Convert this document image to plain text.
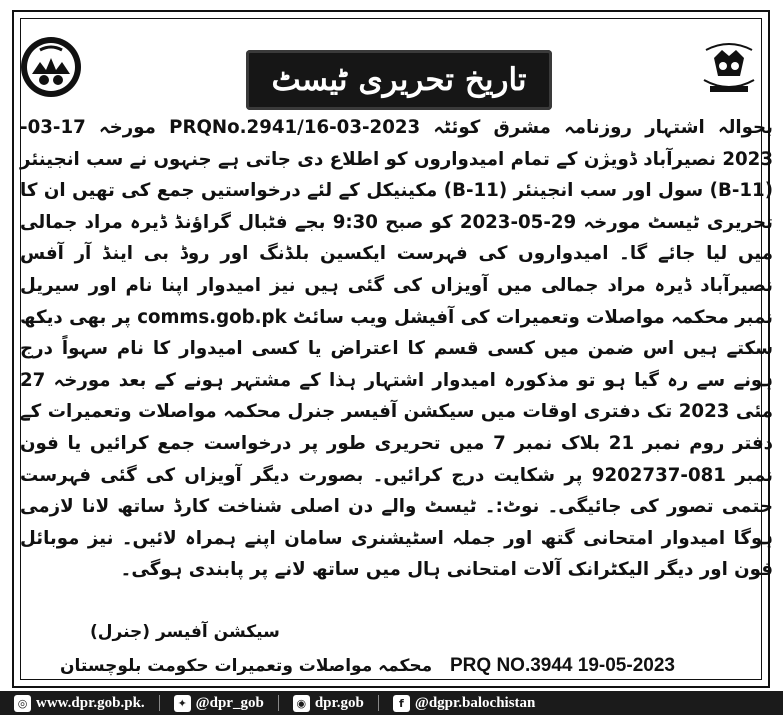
تاریخ تحریری ٹیسٹ

بحوالہ اشتہار روزنامہ مشرق کوئٹہ PRQNo.2941/16-03-2023 مورخہ 17-03-2023 نصیرآباد ڈویژن کے تمام امیدواروں کو اطلاع دی جاتی ہے جنہوں نے سب انجینئر (B-11) سول اور سب انجینئر (B-11) مکینیکل کے لئے درخواستیں جمع کی تھیں ان کا تحریری ٹیسٹ مورخہ 29-05-2023 کو صبح 9:30 بجے فٹبال گراؤنڈ ڈیرہ مراد جمالی میں لیا جائے گا۔ امیدواروں کی فہرست ایکسین بلڈنگ اور روڈ بی اینڈ آر آفس نصیرآباد ڈیرہ مراد جمالی میں آویزاں کی گئی ہیں نیز امیدوار اپنا نام اور سیریل نمبر محکمہ مواصلات وتعمیرات کی آفیشل ویب سائٹ comms.gob.pk پر بھی دیکھ سکتے ہیں اس ضمن میں کسی قسم کا اعتراض یا کسی امیدوار کا نام سہواً درج ہونے سے رہ گیا ہو تو مذکورہ امیدوار اشتہار ہذا کے مشتہر ہونے کے بعد مورخہ 27 مئی 2023 تک دفتری اوقات میں سیکشن آفیسر جنرل محکمہ مواصلات وتعمیرات کے دفتر روم نمبر 21 بلاک نمبر 7 میں تحریری طور پر درخواست جمع کرائیں یا فون نمبر 081-9202737 پر شکایت درج کرائیں۔ بصورت دیگر آویزاں کی گئی فہرست حتمی تصور کی جائیگی۔ نوٹ:۔ ٹیسٹ والے دن اصلی شناخت کارڈ ساتھ لانا لازمی ہوگا امیدوار امتحانی گتھ اور جملہ اسٹیشنری سامان اپنے ہمراہ لائیں۔ نیز موبائل فون اور دیگر الیکٹرانک آلات امتحانی ہال میں ساتھ لانے پر پابندی ہوگی۔

سیکشن آفیسر (جنرل)
محکمہ مواصلات وتعمیرات حکومت بلوچستان PRQ NO.3944 19-05-2023
◎ www.dpr.gob.pk.	✦ @dpr_gob	◉ dpr.gob	f @dgpr.balochistan
